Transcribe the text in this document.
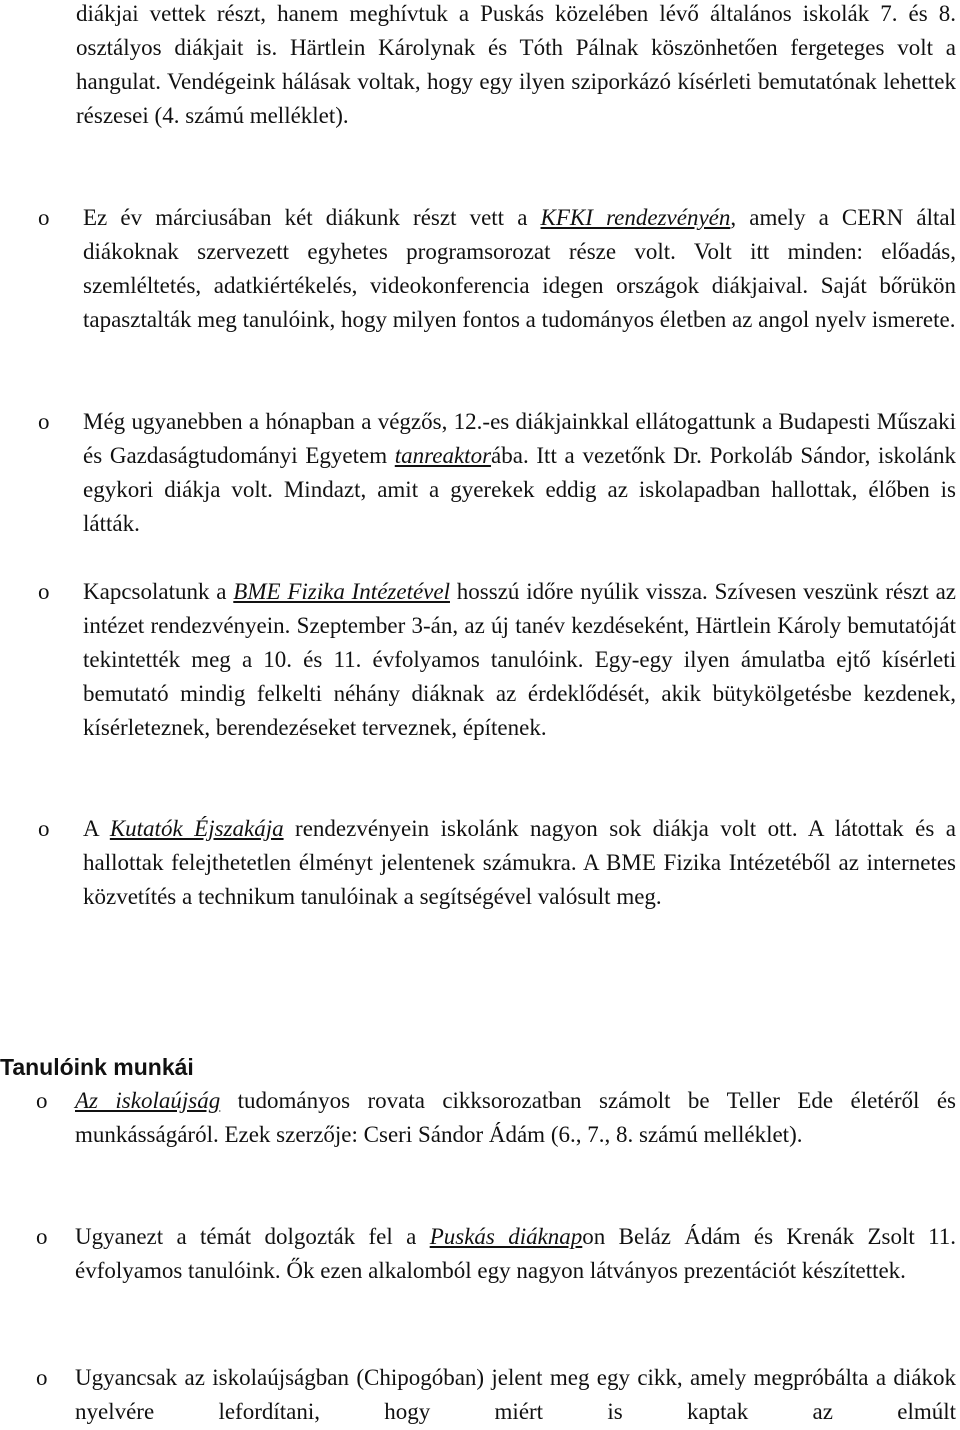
diákjai vettek részt, hanem meghívtuk a Puskás közelében lévő általános iskolák 7. és 8. osztályos diákjait is. Härtlein Károlynak és Tóth Pálnak köszönhetően fergeteges volt a hangulat. Vendégeink hálásak voltak, hogy egy ilyen sziporkázó kísérleti bemutatónak lehettek részesei (4. számú melléklet).

o	Ez év márciusában két diákunk részt vett a KFKI rendezvényén, amely a CERN által diákoknak szervezett egyhetes programsorozat része volt. Volt itt minden: előadás, szemléltetés, adatkiértékelés, videokonferencia idegen országok diákjaival. Saját bőrükön tapasztalták meg tanulóink, hogy milyen fontos a tudományos életben az angol nyelv ismerete.
o	Még ugyanebben a hónapban a végzős, 12.-es diákjainkkal ellátogattunk a Budapesti Műszaki és Gazdaságtudományi Egyetem tanreaktorába. Itt a vezetőnk Dr. Porkoláb Sándor, iskolánk egykori diákja volt. Mindazt, amit a gyerekek eddig az iskolapadban hallottak, élőben is látták.
o	Kapcsolatunk a BME Fizika Intézetével hosszú időre nyúlik vissza. Szívesen veszünk részt az intézet rendezvényein. Szeptember 3-án, az új tanév kezdéseként, Härtlein Károly bemutatóját tekintették meg a 10. és 11. évfolyamos tanulóink. Egy-egy ilyen ámulatba ejtő kísérleti bemutató mindig felkelti néhány diáknak az érdeklődését, akik bütykölgetésbe kezdenek, kísérleteznek, berendezéseket terveznek, építenek.
o	A Kutatók Éjszakája rendezvényein iskolánk nagyon sok diákja volt ott. A látottak és a hallottak felejthetetlen élményt jelentenek számukra. A BME Fizika Intézetéből az internetes közvetítés a technikum tanulóinak a segítségével valósult meg.
Tanulóink munkái
o	Az iskolaújság tudományos rovata cikksorozatban számolt be Teller Ede életéről és munkásságáról. Ezek szerzője: Cseri Sándor Ádám (6., 7., 8. számú melléklet).
o	Ugyanezt a témát dolgozták fel a Puskás diáknapon Beláz Ádám és Krenák Zsolt 11. évfolyamos tanulóink. Ők ezen alkalomból egy nagyon látványos prezentációt készítettek.
o	Ugyancsak az iskolaújságban (Chipogóban) jelent meg egy cikk, amely megpróbálta a diákok nyelvére lefordítani, hogy miért is kaptak az elmúlt
